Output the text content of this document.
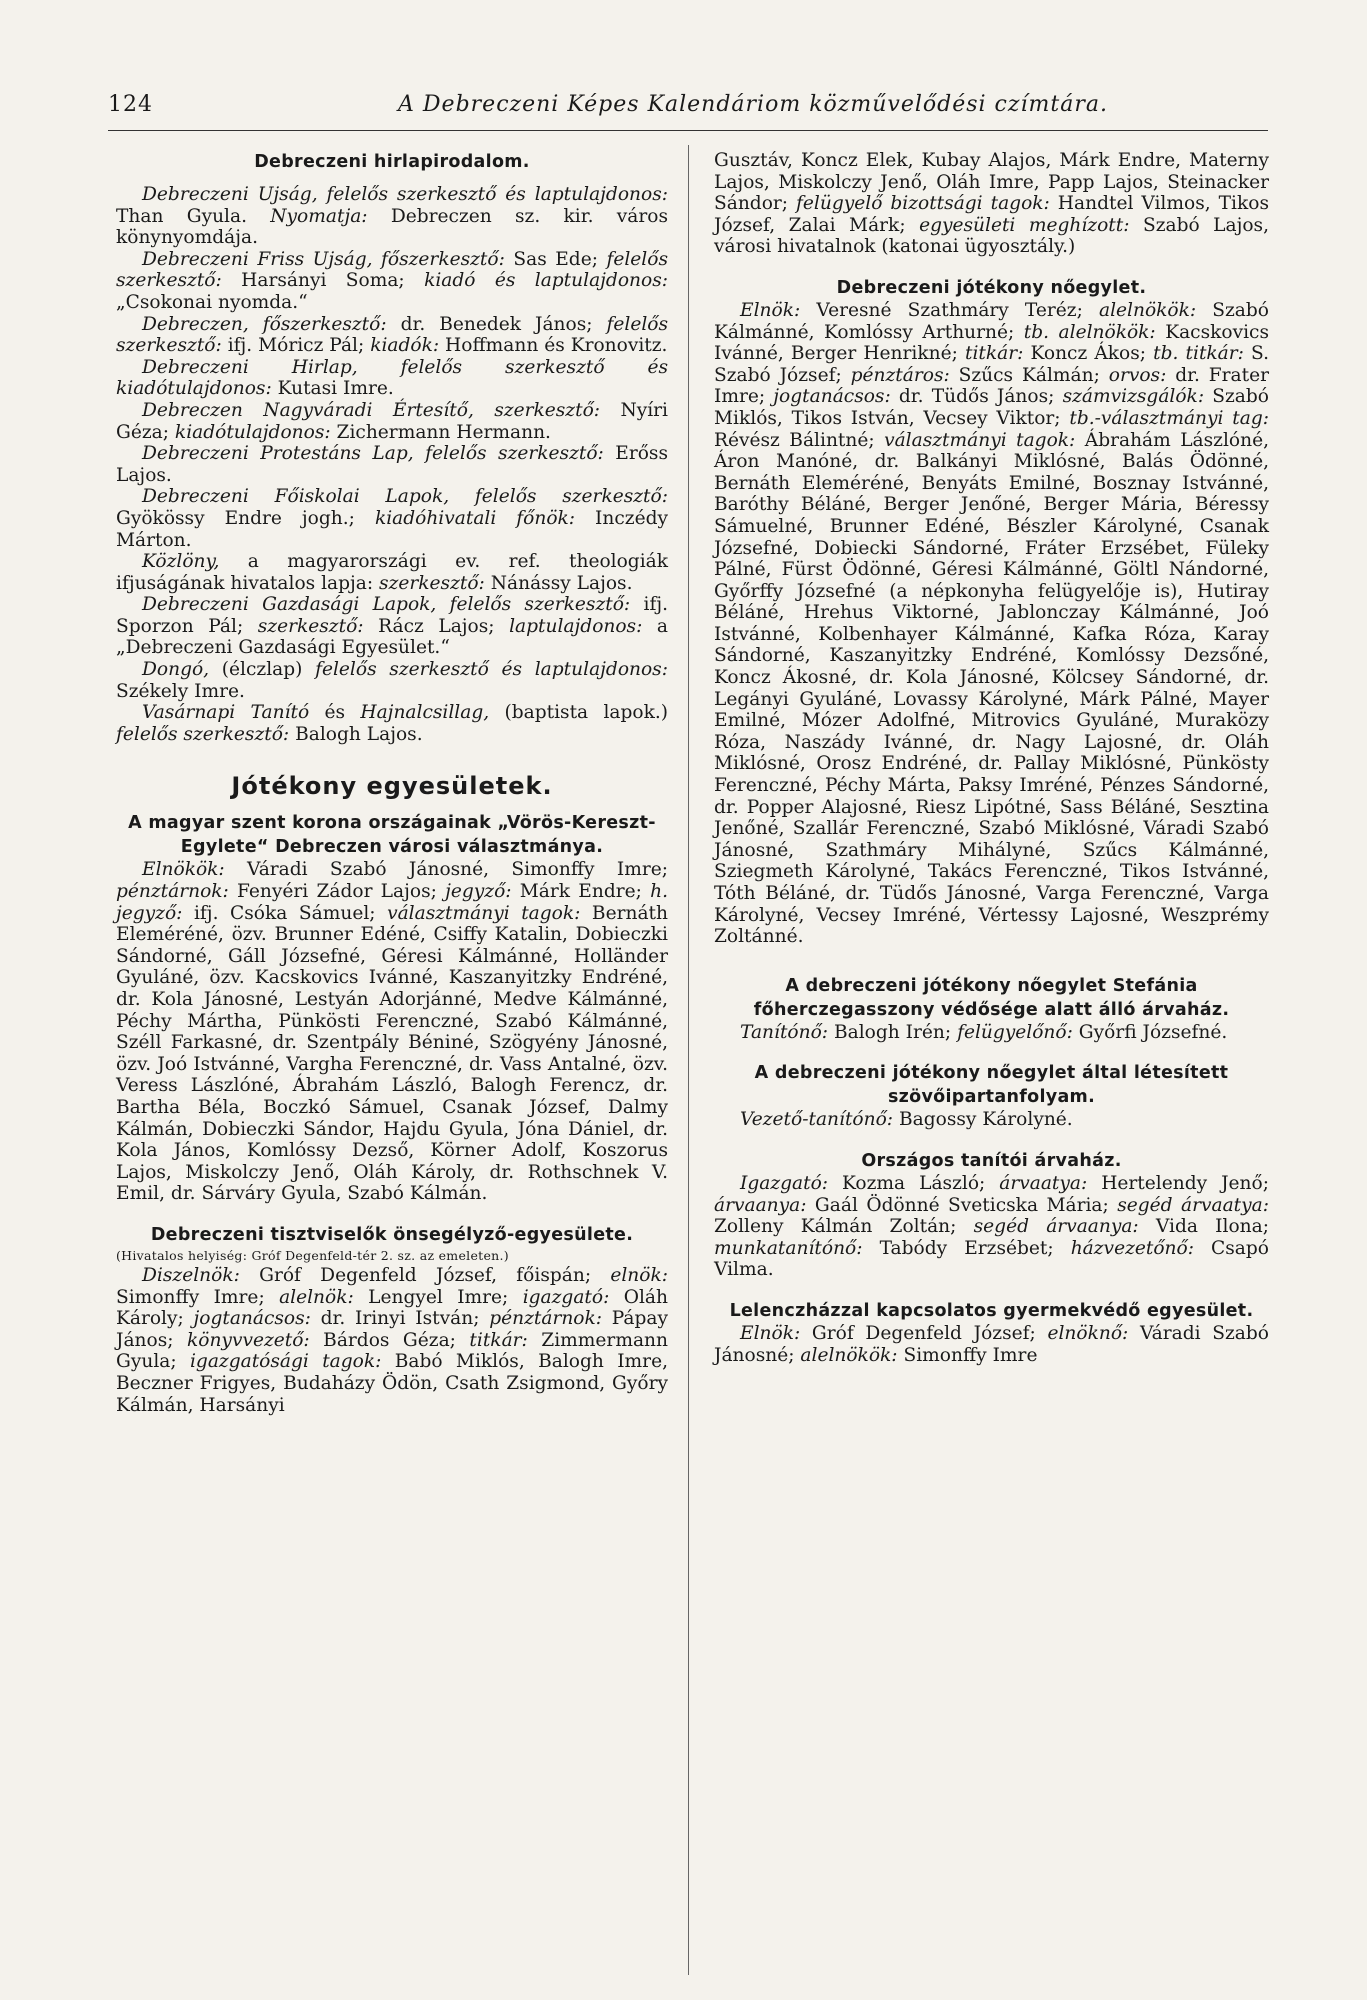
124	A Debreczeni Képes Kalendáriom közművelődési czímtára.
Debreczeni hirlapirodalom.

Debreczeni Ujság, felelős szerkesztő és laptulajdonos: Than Gyula. Nyomatja: Debreczen sz. kir. város könynyomdája.

Debreczeni Friss Ujság, főszerkesztő: Sas Ede; felelős szerkesztő: Harsányi Soma; kiadó és laptulajdonos: „Csokonai nyomda.“

Debreczen, főszerkesztő: dr. Benedek János; felelős szerkesztő: ifj. Móricz Pál; kiadók: Hoffmann és Kronovitz.

Debreczeni Hirlap, felelős szerkesztő és kiadótulajdonos: Kutasi Imre.

Debreczen Nagyváradi Értesítő, szerkesztő: Nyíri Géza; kiadótulajdonos: Zichermann Hermann.

Debreczeni Protestáns Lap, felelős szerkesztő: Erőss Lajos.

Debreczeni Főiskolai Lapok, felelős szerkesztő: Gyökössy Endre jogh.; kiadóhivatali főnök: Inczédy Márton.

Közlöny, a magyarországi ev. ref. theologiák ifjuságának hivatalos lapja: szerkesztő: Nánássy Lajos.

Debreczeni Gazdasági Lapok, felelős szerkesztő: ifj. Sporzon Pál; szerkesztő: Rácz Lajos; laptulajdonos: a „Debreczeni Gazdasági Egyesület.“

Dongó, (élczlap) felelős szerkesztő és laptulajdonos: Székely Imre.

Vasárnapi Tanító és Hajnalcsillag, (baptista lapok.) felelős szerkesztő: Balogh Lajos.

Jótékony egyesületek.
A magyar szent korona országainak „Vörös-Kereszt-Egylete“ Debreczen városi választmánya.

Elnökök: Váradi Szabó Jánosné, Simonffy Imre; pénztárnok: Fenyéri Zádor Lajos; jegyző: Márk Endre; h. jegyző: ifj. Csóka Sámuel; választmányi tagok: Bernáth Eleméréné, özv. Brunner Edéné, Csiffy Katalin, Dobieczki Sándorné, Gáll Józsefné, Géresi Kálmánné, Holländer Gyuláné, özv. Kacskovics Ivánné, Kaszanyitzky Endréné, dr. Kola Jánosné, Lestyán Adorjánné, Medve Kálmánné, Péchy Mártha, Pünkösti Ferenczné, Szabó Kálmánné, Széll Farkasné, dr. Szentpály Béniné, Szögyény Jánosné, özv. Joó Istvánné, Vargha Ferenczné, dr. Vass Antalné, özv. Veress Lászlóné, Ábrahám László, Balogh Ferencz, dr. Bartha Béla, Boczkó Sámuel, Csanak József, Dalmy Kálmán, Dobieczki Sándor, Hajdu Gyula, Jóna Dániel, dr. Kola János, Komlóssy Dezső, Körner Adolf, Koszorus Lajos, Miskolczy Jenő, Oláh Károly, dr. Rothschnek V. Emil, dr. Sárváry Gyula, Szabó Kálmán.

Debreczeni tisztviselők önsegélyző-egyesülete.

(Hivatalos helyiség: Gróf Degenfeld-tér 2. sz. az emeleten.)

Diszelnök: Gróf Degenfeld József, főispán; elnök: Simonffy Imre; alelnök: Lengyel Imre; igazgató: Oláh Károly; jogtanácsos: dr. Irinyi István; pénztárnok: Pápay János; könyvvezető: Bárdos Géza; titkár: Zimmermann Gyula; igazgatósági tagok: Babó Miklós, Balogh Imre, Beczner Frigyes, Budaházy Ödön, Csath Zsigmond, Győry Kálmán, Harsányi

Gusztáv, Koncz Elek, Kubay Alajos, Márk Endre, Materny Lajos, Miskolczy Jenő, Oláh Imre, Papp Lajos, Steinacker Sándor; felügyelő bizottsági tagok: Handtel Vilmos, Tikos József, Zalai Márk; egyesületi meghízott: Szabó Lajos, városi hivatalnok (katonai ügyosztály.)

Debreczeni jótékony nőegylet.

Elnök: Veresné Szathmáry Teréz; alelnökök: Szabó Kálmánné, Komlóssy Arthurné; tb. alelnökök: Kacskovics Ivánné, Berger Henrikné; titkár: Koncz Ákos; tb. titkár: S. Szabó József; pénztáros: Szűcs Kálmán; orvos: dr. Frater Imre; jogtanácsos: dr. Tüdős János; számvizsgálók: Szabó Miklós, Tikos István, Vecsey Viktor; tb.-választmányi tag: Révész Bálintné; választmányi tagok: Ábrahám Lászlóné, Áron Manóné, dr. Balkányi Miklósné, Balás Ödönné, Bernáth Eleméréné, Benyáts Emilné, Bosznay Istvánné, Baróthy Béláné, Berger Jenőné, Berger Mária, Béressy Sámuelné, Brunner Edéné, Bészler Károlyné, Csanak Józsefné, Dobiecki Sándorné, Fráter Erzsébet, Füleky Pálné, Fürst Ödönné, Géresi Kálmánné, Göltl Nándorné, Győrffy Józsefné (a népkonyha felügyelője is), Hutiray Béláné, Hrehus Viktorné, Jablonczay Kálmánné, Joó Istvánné, Kolbenhayer Kálmánné, Kafka Róza, Karay Sándorné, Kaszanyitzky Endréné, Komlóssy Dezsőné, Koncz Ákosné, dr. Kola Jánosné, Kölcsey Sándorné, dr. Legányi Gyuláné, Lovassy Károlyné, Márk Pálné, Mayer Emilné, Mózer Adolfné, Mitrovics Gyuláné, Muraközy Róza, Naszády Ivánné, dr. Nagy Lajosné, dr. Oláh Miklósné, Orosz Endréné, dr. Pallay Miklósné, Pünkösty Ferenczné, Péchy Márta, Paksy Imréné, Pénzes Sándorné, dr. Popper Alajosné, Riesz Lipótné, Sass Béláné, Sesztina Jenőné, Szallár Ferenczné, Szabó Miklósné, Váradi Szabó Jánosné, Szathmáry Mihályné, Szűcs Kálmánné, Sziegmeth Károlyné, Takács Ferenczné, Tikos Istvánné, Tóth Béláné, dr. Tüdős Jánosné, Varga Ferenczné, Varga Károlyné, Vecsey Imréné, Vértessy Lajosné, Weszprémy Zoltánné.

A debreczeni jótékony nőegylet Stefánia főherczegasszony védősége alatt álló árvaház.

Tanítónő: Balogh Irén; felügyelőnő: Győrfi Józsefné.

A debreczeni jótékony nőegylet által létesített szövőipartanfolyam.

Vezető-tanítónő: Bagossy Károlyné.

Országos tanítói árvaház.

Igazgató: Kozma László; árvaatya: Hertelendy Jenő; árvaanya: Gaál Ödönné Sveticska Mária; segéd árvaatya: Zolleny Kálmán Zoltán; segéd árvaanya: Vida Ilona; munkatanítónő: Tabódy Erzsébet; házvezetőnő: Csapó Vilma.

Lelenczházzal kapcsolatos gyermekvédő egyesület.

Elnök: Gróf Degenfeld József; elnöknő: Váradi Szabó Jánosné; alelnökök: Simonffy Imre
